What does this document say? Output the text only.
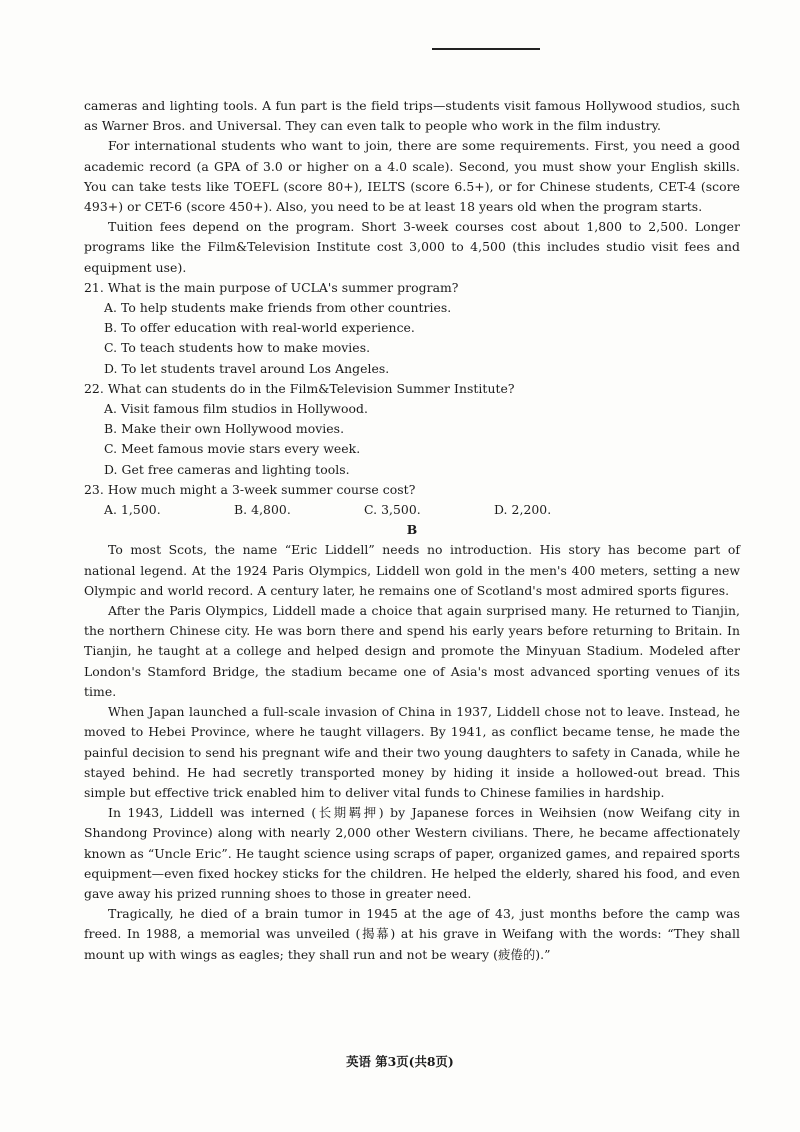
cameras and lighting tools. A fun part is the field trips—students visit famous Hollywood studios, such as Warner Bros. and Universal. They can even talk to people who work in the film industry.

For international students who want to join, there are some requirements. First, you need a good academic record (a GPA of 3.0 or higher on a 4.0 scale). Second, you must show your English skills. You can take tests like TOEFL (score 80+), IELTS (score 6.5+), or for Chinese students, CET-4 (score 493+) or CET-6 (score 450+). Also, you need to be at least 18 years old when the program starts.

Tuition fees depend on the program. Short 3-week courses cost about 1,800 to 2,500. Longer programs like the Film&Television Institute cost 3,000 to 4,500 (this includes studio visit fees and equipment use).

21. What is the main purpose of UCLA's summer program?

A. To help students make friends from other countries.

B. To offer education with real-world experience.

C. To teach students how to make movies.

D. To let students travel around Los Angeles.

22. What can students do in the Film&Television Summer Institute?

A. Visit famous film studios in Hollywood.

B. Make their own Hollywood movies.

C. Meet famous movie stars every week.

D. Get free cameras and lighting tools.

23. How much might a 3-week summer course cost?

A. 1,500.	B. 4,800.	C. 3,500.	D. 2,200.

B

To most Scots, the name “Eric Liddell” needs no introduction. His story has become part of national legend. At the 1924 Paris Olympics, Liddell won gold in the men's 400 meters, setting a new Olympic and world record. A century later, he remains one of Scotland's most admired sports figures.

After the Paris Olympics, Liddell made a choice that again surprised many. He returned to Tianjin, the northern Chinese city. He was born there and spend his early years before returning to Britain. In Tianjin, he taught at a college and helped design and promote the Minyuan Stadium. Modeled after London's Stamford Bridge, the stadium became one of Asia's most advanced sporting venues of its time.

When Japan launched a full-scale invasion of China in 1937, Liddell chose not to leave. Instead, he moved to Hebei Province, where he taught villagers. By 1941, as conflict became tense, he made the painful decision to send his pregnant wife and their two young daughters to safety in Canada, while he stayed behind. He had secretly transported money by hiding it inside a hollowed-out bread. This simple but effective trick enabled him to deliver vital funds to Chinese families in hardship.

In 1943, Liddell was interned (长期羁押) by Japanese forces in Weihsien (now Weifang city in Shandong Province) along with nearly 2,000 other Western civilians. There, he became affectionately known as “Uncle Eric”. He taught science using scraps of paper, organized games, and repaired sports equipment—even fixed hockey sticks for the children. He helped the elderly, shared his food, and even gave away his prized running shoes to those in greater need.

Tragically, he died of a brain tumor in 1945 at the age of 43, just months before the camp was freed. In 1988, a memorial was unveiled (揭幕) at his grave in Weifang with the words: “They shall mount up with wings as eagles; they shall run and not be weary (疲倦的).”

英语 第3页(共8页)
